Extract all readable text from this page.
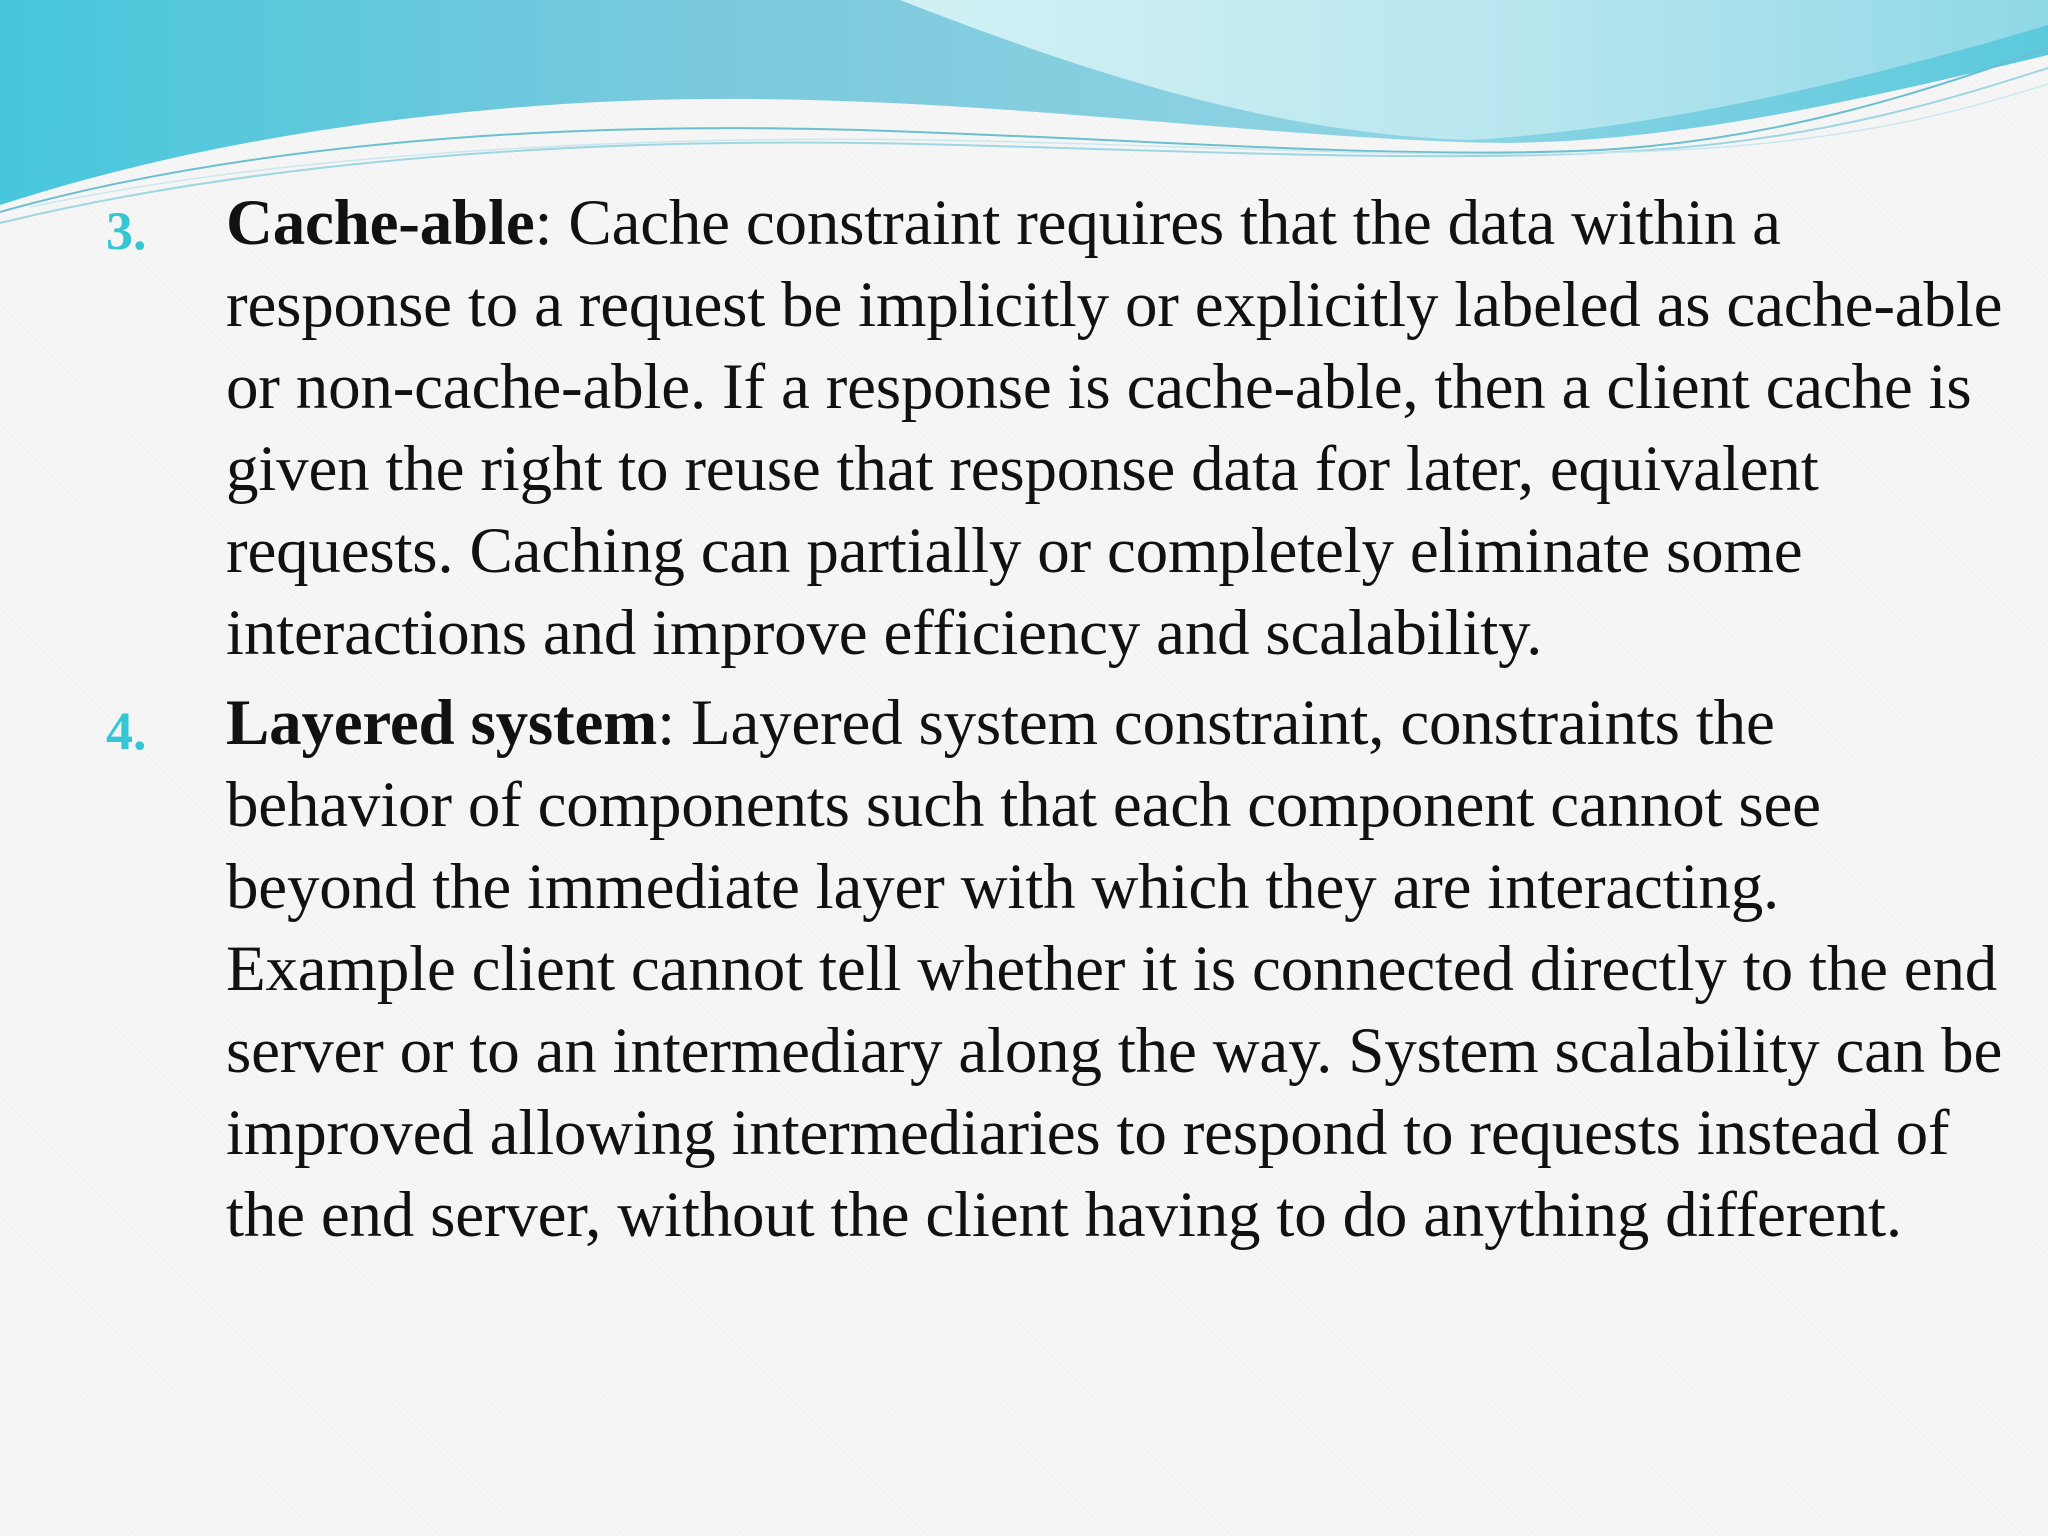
3. Cache-able: Cache constraint requires that the data within a response to a request be implicitly or explicitly labeled as cache-able or non-cache-able. If a response is cache-able, then a client cache is given the right to reuse that response data for later, equivalent requests. Caching can partially or completely eliminate some interactions and improve efficiency and scalability.
4. Layered system: Layered system constraint, constraints the behavior of components such that each component cannot see beyond the immediate layer with which they are interacting. Example client cannot tell whether it is connected directly to the end server or to an intermediary along the way. System scalability can be improved allowing intermediaries to respond to requests instead of the end server, without the client having to do anything different.
